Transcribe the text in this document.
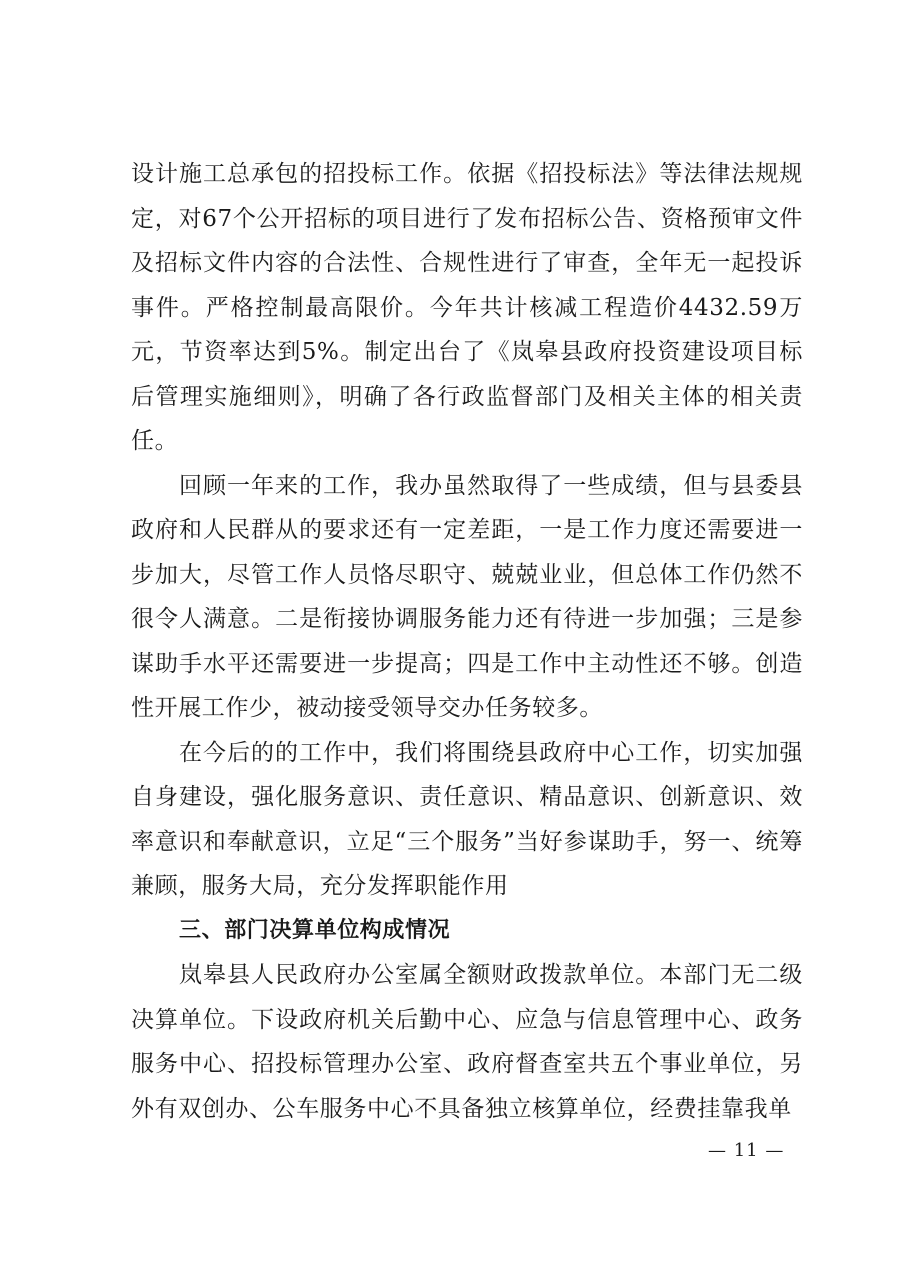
设计施工总承包的招投标工作。依据《招投标法》等法律法规规定，对67个公开招标的项目进行了发布招标公告、资格预审文件及招标文件内容的合法性、合规性进行了审查，全年无一起投诉事件。严格控制最高限价。今年共计核减工程造价4432.59万元，节资率达到5%。制定出台了《岚皋县政府投资建设项目标后管理实施细则》，明确了各行政监督部门及相关主体的相关责任。

回顾一年来的工作，我办虽然取得了一些成绩，但与县委县政府和人民群从的要求还有一定差距，一是工作力度还需要进一步加大，尽管工作人员恪尽职守、兢兢业业，但总体工作仍然不很令人满意。二是衔接协调服务能力还有待进一步加强；三是参谋助手水平还需要进一步提高；四是工作中主动性还不够。创造性开展工作少，被动接受领导交办任务较多。

在今后的的工作中，我们将围绕县政府中心工作，切实加强自身建设，强化服务意识、责任意识、精品意识、创新意识、效率意识和奉献意识，立足“三个服务”当好参谋助手，努一、统筹兼顾，服务大局，充分发挥职能作用

三、部门决算单位构成情况

岚皋县人民政府办公室属全额财政拨款单位。本部门无二级决算单位。下设政府机关后勤中心、应急与信息管理中心、政务服务中心、招投标管理办公室、政府督查室共五个事业单位，另外有双创办、公车服务中心不具备独立核算单位，经费挂靠我单

— 11 —
